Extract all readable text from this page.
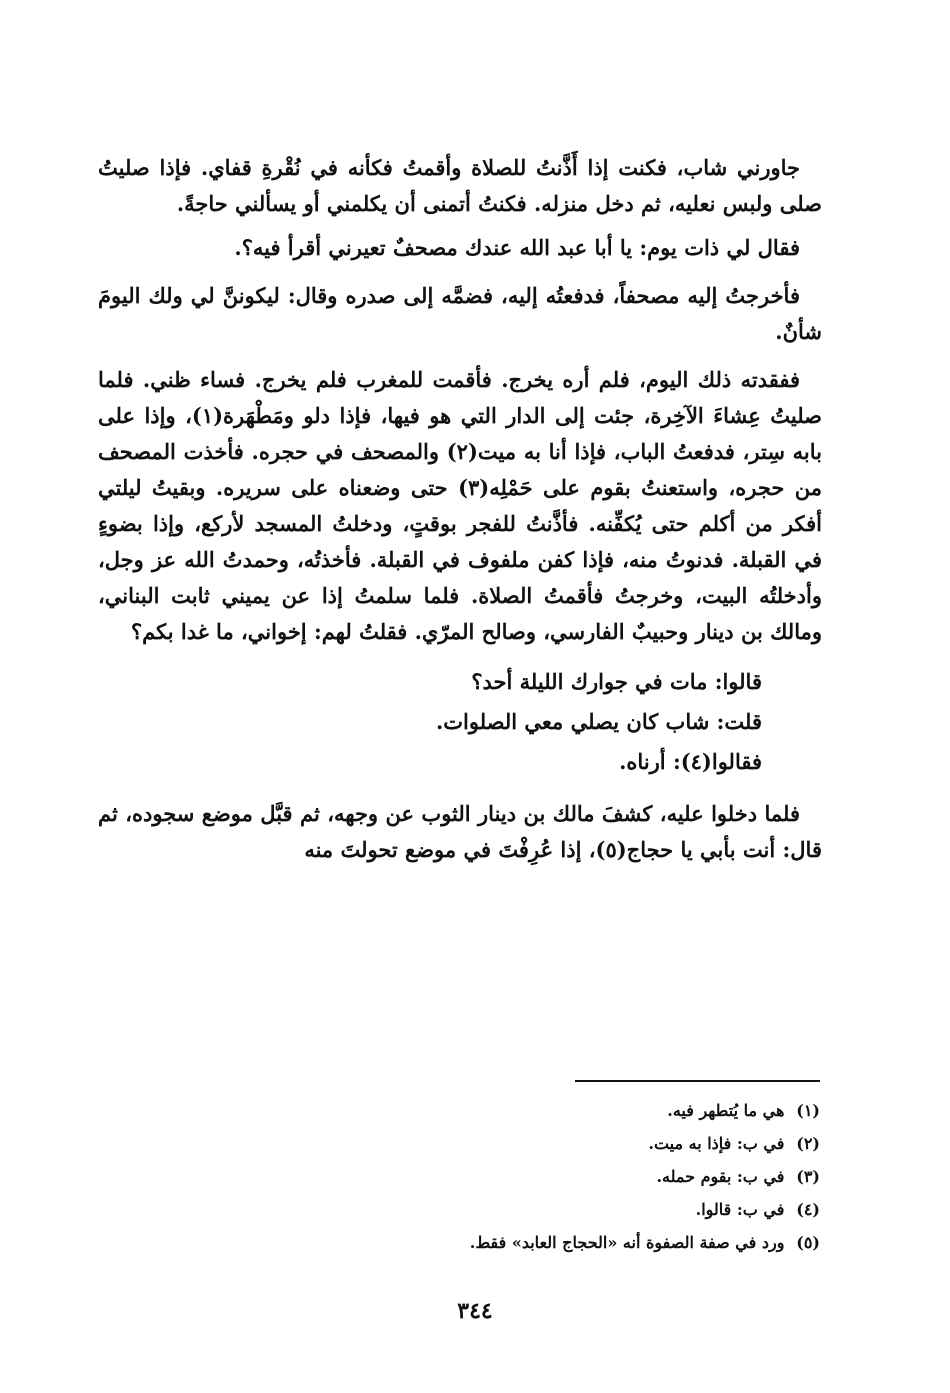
جاورني شاب، فكنت إذا أَذَّنتُ للصلاة وأقمتُ فكأنه في نُقْرةِ قفاي. فإذا صليتُ صلى ولبس نعليه، ثم دخل منزله. فكنتُ أتمنى أن يكلمني أو يسألني حاجةً.

فقال لي ذات يوم: يا أبا عبد الله عندك مصحفٌ تعيرني أقرأ فيه؟.

فأخرجتُ إليه مصحفاً، فدفعتُه إليه، فضمَّه إلى صدره وقال: ليكوننَّ لي ولك اليومَ شأنٌ.

ففقدته ذلك اليوم، فلم أره يخرج. فأقمت للمغرب فلم يخرج. فساء ظني. فلما صليتُ عِشاءَ الآخِرة، جئت إلى الدار التي هو فيها، فإذا دلو ومَطْهَرة(١)، وإذا على بابه سِتر، فدفعتُ الباب، فإذا أنا به ميت(٢) والمصحف في حجره. فأخذت المصحف من حجره، واستعنتُ بقوم على حَمْلِه(٣) حتى وضعناه على سريره. وبقيتُ ليلتي أفكر من أكلم حتى يُكفِّنه. فأذَّنتُ للفجر بوقتٍ، ودخلتُ المسجد لأركع، وإذا بضوءٍ في القبلة. فدنوتُ منه، فإذا كفن ملفوف في القبلة. فأخذتُه، وحمدتُ الله عز وجل، وأدخلتُه البيت، وخرجتُ فأقمتُ الصلاة. فلما سلمتُ إذا عن يميني ثابت البناني، ومالك بن دينار وحبيبٌ الفارسي، وصالح المرّي. فقلتُ لهم: إخواني، ما غدا بكم؟

قالوا: مات في جوارك الليلة أحد؟

قلت: شاب كان يصلي معي الصلوات.

فقالوا(٤): أرناه.

فلما دخلوا عليه، كشفَ مالك بن دينار الثوب عن وجهه، ثم قبَّل موضع سجوده، ثم قال: أنت بأبي يا حجاج(٥)، إذا عُرِفْتَ في موضع تحولتَ منه

(١) هي ما يُتطهر فيه.
(٢) في ب: فإذا به ميت.
(٣) في ب: بقوم حمله.
(٤) في ب: قالوا.
(٥) ورد في صفة الصفوة أنه «الحجاج العابد» فقط.
٣٤٤
